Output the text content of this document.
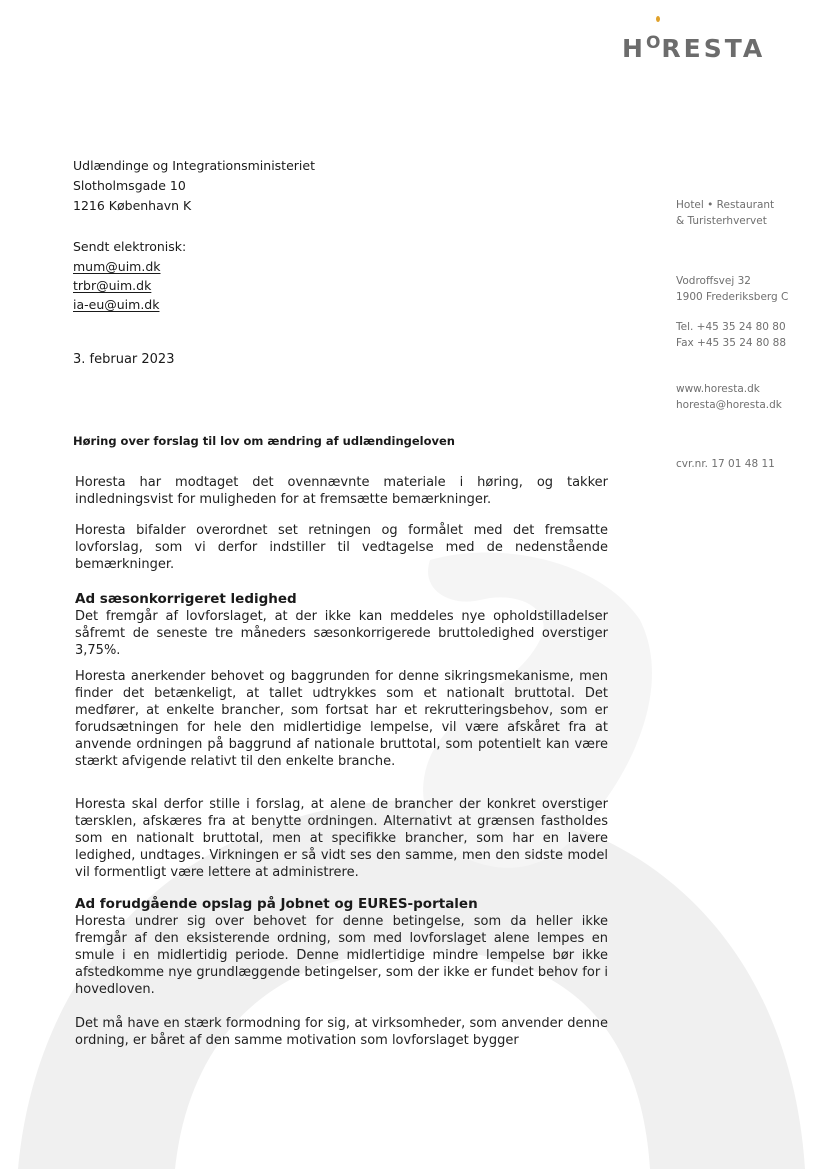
HORESTA
Udlændinge og Integrationsministeriet
Slotholmsgade 10
1216 København K
Sendt elektronisk:
mum@uim.dk
trbr@uim.dk
ia-eu@uim.dk
Hotel • Restaurant
& Turisterhvervet
Vodroffsvej 32
1900 Frederiksberg C
Tel. +45 35 24 80 80
Fax +45 35 24 80 88
www.horesta.dk
horesta@horesta.dk
cvr.nr. 17 01 48 11
3. februar 2023
Høring over forslag til lov om ændring af udlændingeloven
Horesta har modtaget det ovennævnte materiale i høring, og takker indledningsvist for muligheden for at fremsætte bemærkninger.
Horesta bifalder overordnet set retningen og formålet med det fremsatte lovforslag, som vi derfor indstiller til vedtagelse med de nedenstående bemærkninger.
Ad sæsonkorrigeret ledighed
Det fremgår af lovforslaget, at der ikke kan meddeles nye opholdstilladelser såfremt de seneste tre måneders sæsonkorrigerede bruttoledighed overstiger 3,75%.
Horesta anerkender behovet og baggrunden for denne sikringsmekanisme, men finder det betænkeligt, at tallet udtrykkes som et nationalt bruttotal. Det medfører, at enkelte brancher, som fortsat har et rekrutteringsbehov, som er forudsætningen for hele den midlertidige lempelse, vil være afskåret fra at anvende ordningen på baggrund af nationale bruttotal, som potentielt kan være stærkt afvigende relativt til den enkelte branche.
Horesta skal derfor stille i forslag, at alene de brancher der konkret overstiger tærsklen, afskæres fra at benytte ordningen. Alternativt at grænsen fastholdes som en nationalt bruttotal, men at specifikke brancher, som har en lavere ledighed, undtages. Virkningen er så vidt ses den samme, men den sidste model vil formentligt være lettere at administrere.
Ad forudgående opslag på Jobnet og EURES-portalen
Horesta undrer sig over behovet for denne betingelse, som da heller ikke fremgår af den eksisterende ordning, som med lovforslaget alene lempes en smule i en midlertidig periode. Denne midlertidige mindre lempelse bør ikke afstedkomme nye grundlæggende betingelser, som der ikke er fundet behov for i hovedloven.
Det må have en stærk formodning for sig, at virksomheder, som anvender denne ordning, er båret af den samme motivation som lovforslaget bygger
